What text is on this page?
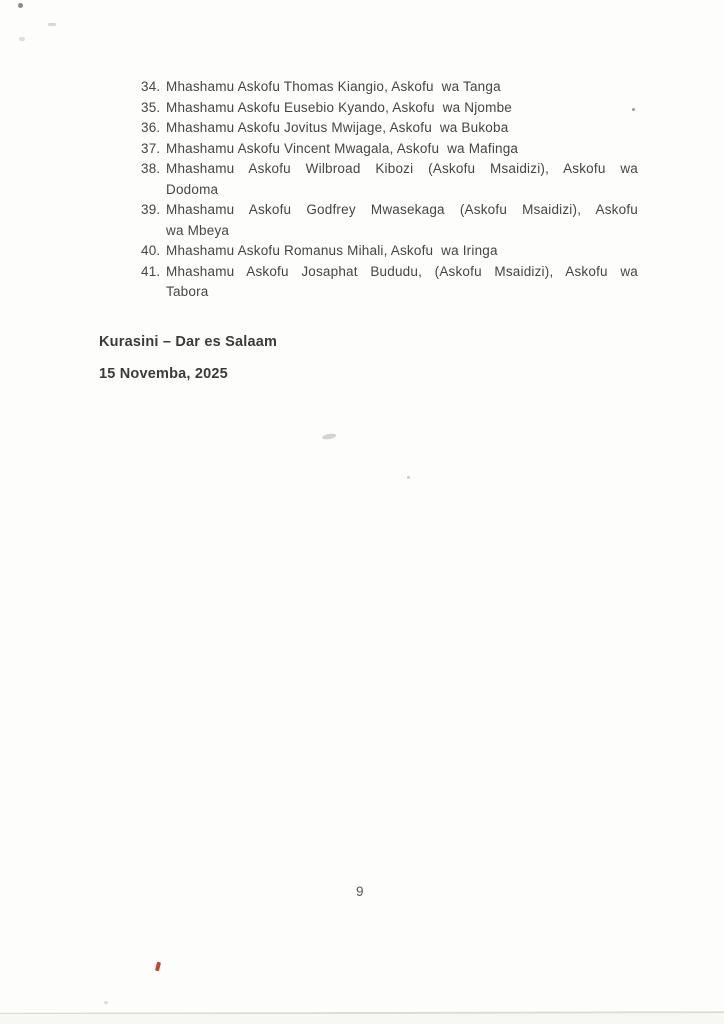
34. Mhashamu Askofu Thomas Kiangio, Askofu  wa Tanga
35. Mhashamu Askofu Eusebio Kyando, Askofu  wa Njombe
36. Mhashamu Askofu Jovitus Mwijage, Askofu  wa Bukoba
37. Mhashamu Askofu Vincent Mwagala, Askofu  wa Mafinga
38. Mhashamu Askofu Wilbroad Kibozi (Askofu Msaidizi), Askofu wa
Dodoma
39. Mhashamu Askofu Godfrey Mwasekaga (Askofu Msaidizi), Askofu
wa Mbeya
40. Mhashamu Askofu Romanus Mihali, Askofu  wa Iringa
41. Mhashamu Askofu Josaphat Bududu, (Askofu Msaidizi), Askofu wa
Tabora
Kurasini – Dar es Salaam
15 Novemba, 2025
9
